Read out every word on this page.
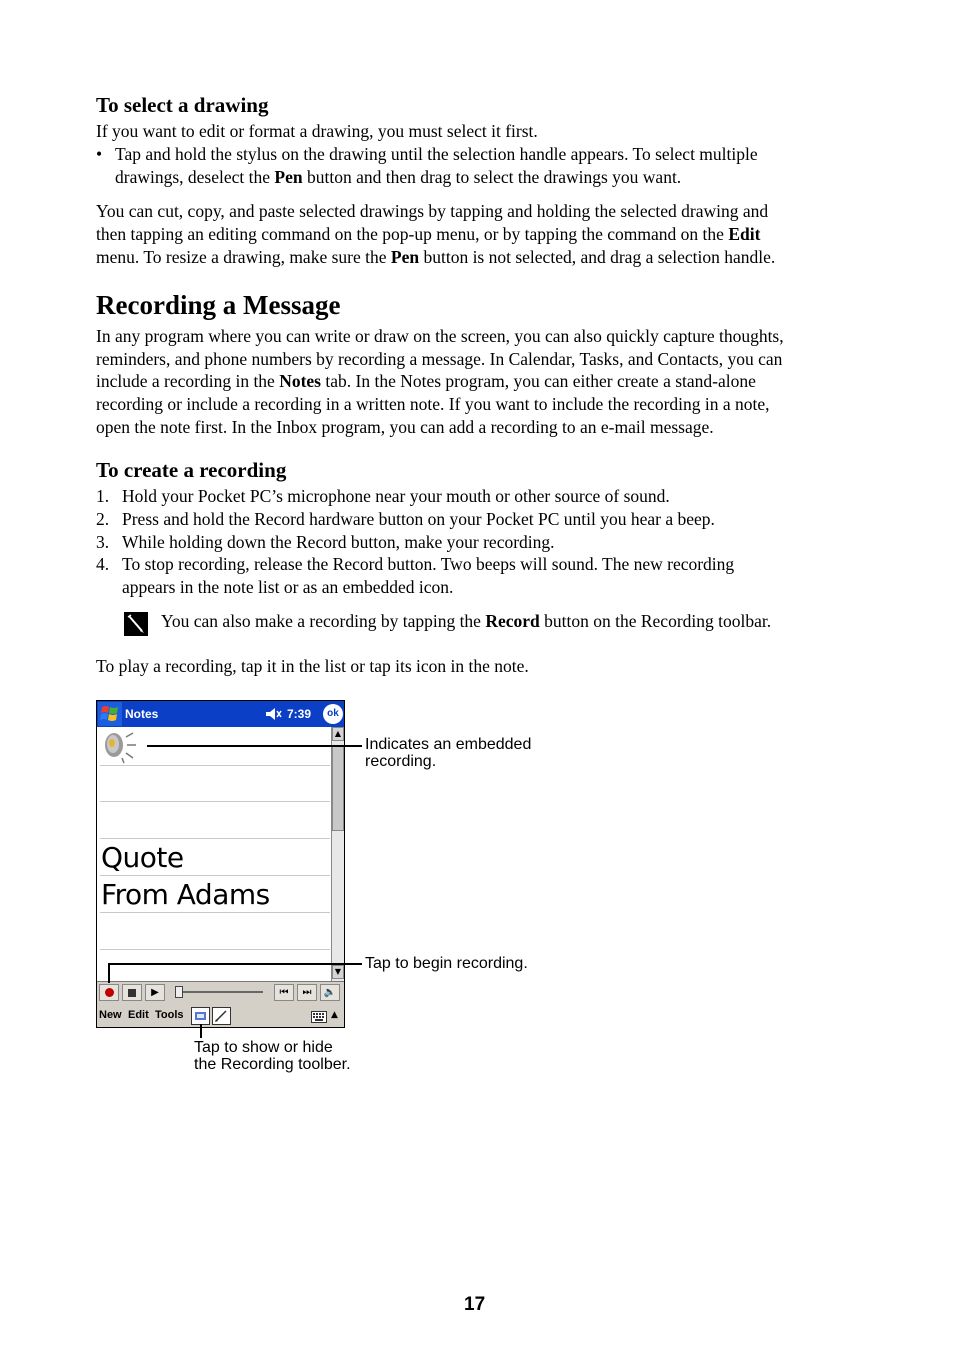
To select a drawing
If you want to edit or format a drawing, you must select it first.
• Tap and hold the stylus on the drawing until the selection handle appears. To select multiple
drawings, deselect the Pen button and then drag to select the drawings you want.
You can cut, copy, and paste selected drawings by tapping and holding the selected drawing and
then tapping an editing command on the pop-up menu, or by tapping the command on the Edit
menu. To resize a drawing, make sure the Pen button is not selected, and drag a selection handle.
Recording a Message
In any program where you can write or draw on the screen, you can also quickly capture thoughts,
reminders, and phone numbers by recording a message. In Calendar, Tasks, and Contacts, you can
include a recording in the Notes tab. In the Notes program, you can either create a stand-alone
recording or include a recording in a written note. If you want to include the recording in a note,
open the note first. In the Inbox program, you can add a recording to an e-mail message.
To create a recording
1. Hold your Pocket PC’s microphone near your mouth or other source of sound.
2. Press and hold the Record hardware button on your Pocket PC until you hear a beep.
3. While holding down the Record button, make your recording.
4. To stop recording, release the Record button. Two beeps will sound. The new recording
appears in the note list or as an embedded icon.
You can also make a recording by tapping the Record button on the Recording toolbar.
To play a recording, tap it in the list or tap its icon in the note.
Notes	7:39	ok
Quote
From Adams
▲
▼
▶	⏮	⏭	🔈
New Edit Tools	▲
Indicates an embedded
recording.
Tap to begin recording.
Tap to show or hide
the Recording toolber.
17
